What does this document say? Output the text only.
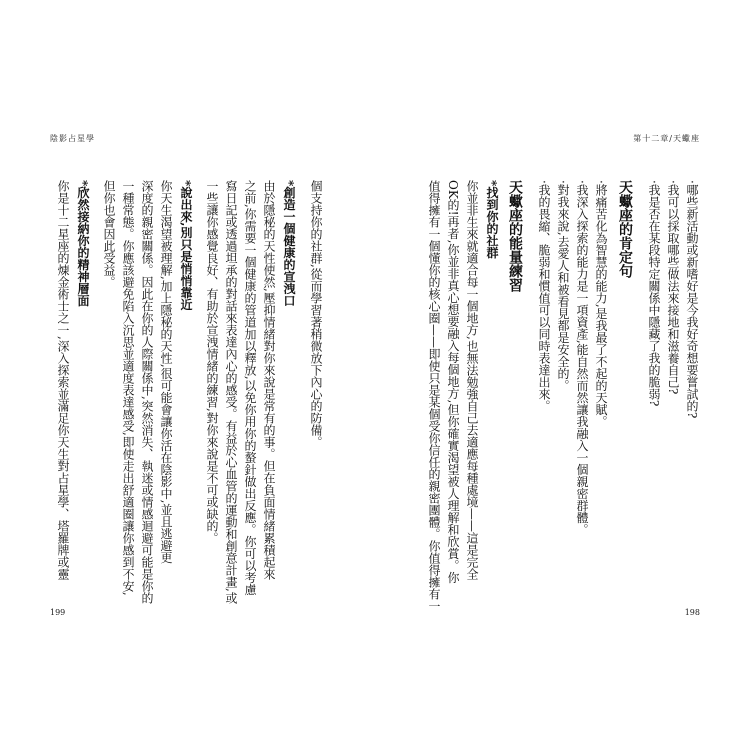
陰影占星學	第十二章/天蠍座
‧哪些新活動或新嗜好是今我好奇想要嘗試的?
‧我可以採取哪些做法來接地和滋養自己?
‧我是否在某段特定關係中隱藏了我的脆弱?
天蠍座的肯定句
‧將痛苦化為智慧的能力,是我最了不起的天賦。
‧我深入探索的能力是一項資產,能自然而然讓我融入一個親密群體。
‧對我來說,去愛人和被看見都是安全的。
‧我的畏縮、脆弱和慣值可以同時表達出來。
天蠍座的能量練習
*找到你的社群
你並非生來就適合每一個地方,也無法勉強自己去適應每種處境——這是完全
OK的!再者,你並非真心想要融入每個地方,但你確實渴望被人理解和欣賞。你
值得擁有一個懂你的核心圈——即使只是某個受你信任的親密團體。你值得擁有一
198
個支持你的社群,從而學習著稍微放下內心的防備。
*創造一個健康的宣洩口
由於隱秘的天性使然,壓抑情緒對你來說是常有的事。但在負面情緒累積起來
之前,你需要一個健康的管道加以釋放,以免你用你的螯針做出反應。你可以考慮
寫日記或透過坦承的對話來表達內心的感受。有益於心血管的運動和創意計畫,或
一些讓你感覺良好、有助於宣洩情緒的練習,對你來說是不可或缺的。
*說出來,別只是悄悄靠近
你天生渴望被理解,加上隱秘的天性,很可能會讓你活在陰影中,並且逃避更
深度的親密關係。因此在你的人際關係中,突然消失、執迷或情感迴避可能是你的
一種常態。你應該避免陷入沉思並適度表達感受,即使走出舒適圈讓你感到不安,
但你也會因此受益。
*欣然接納你的精神層面
你是十二星座的煉金術士之一,深入探索並滿足你天生對占星學、塔羅牌或靈
199
